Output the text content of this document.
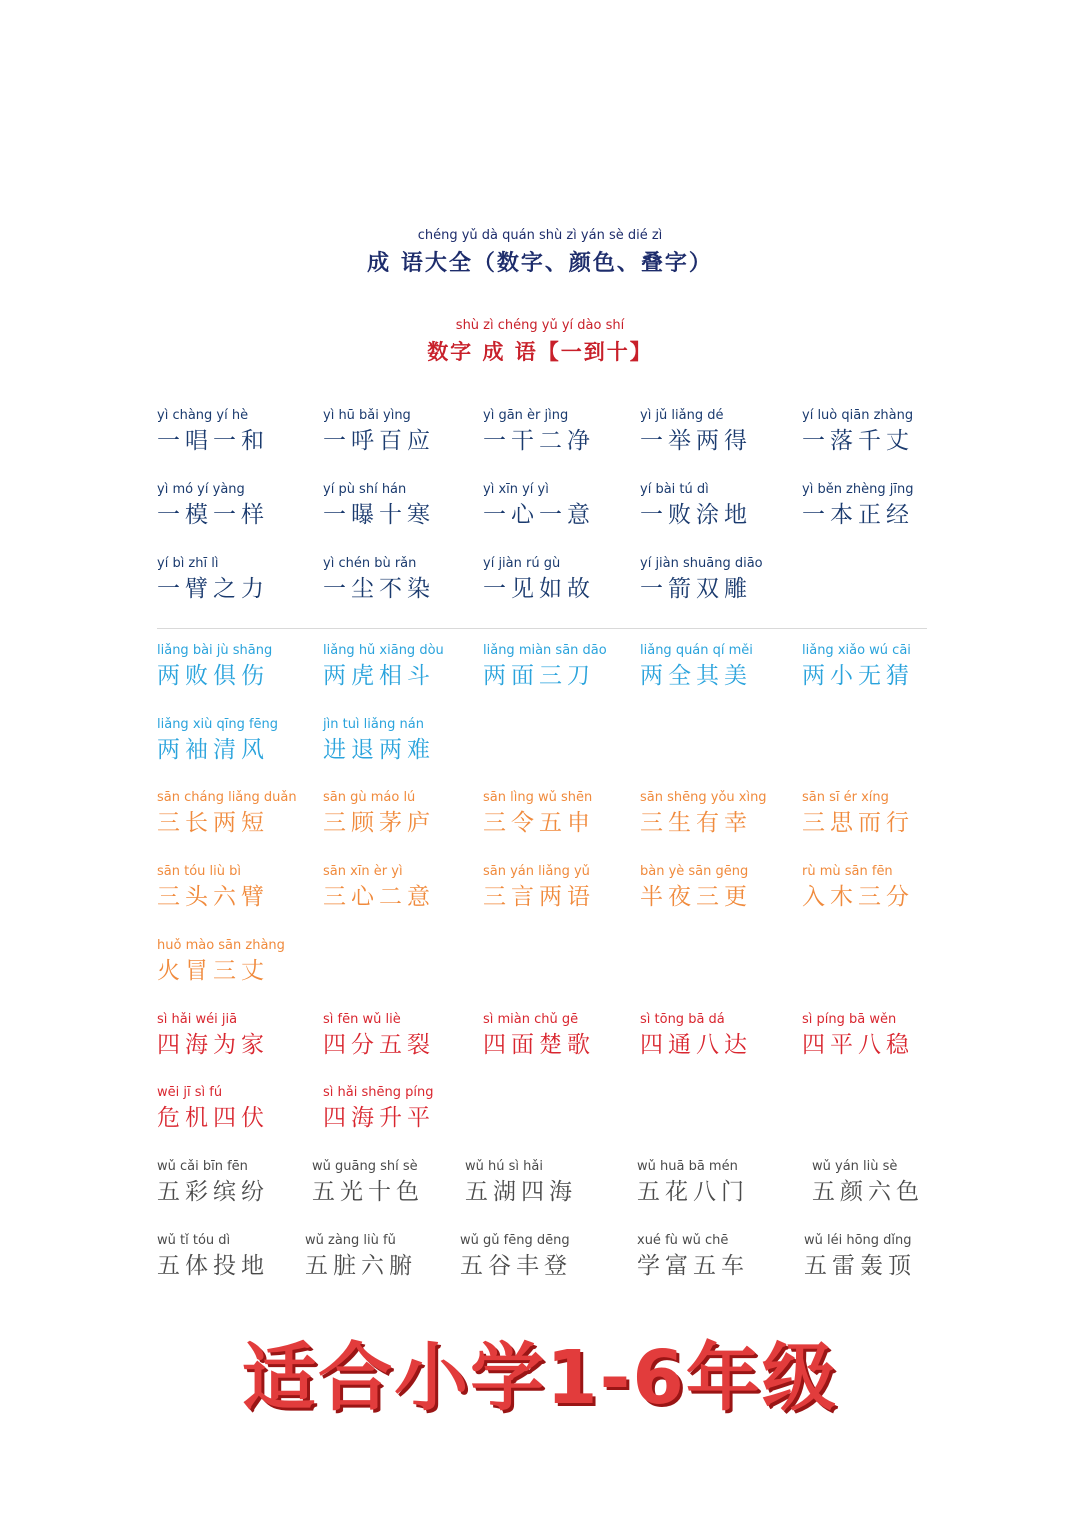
chéng yǔ dà quán shù zì yán sè dié zì
成 语大全（数字、颜色、叠字）
shù zì chéng yǔ yí dào shí
数字 成 语【一到十】
yì chàng yí hè
一唱一和
yì hū bǎi yìng
一呼百应
yì gān èr jìng
一干二净
yì jǔ liǎng dé
一举两得
yí luò qiān zhàng
一落千丈
yì mó yí yàng
一模一样
yí pù shí hán
一曝十寒
yì xīn yí yì
一心一意
yí bài tú dì
一败涂地
yì běn zhèng jīng
一本正经
yí bì zhī lì
一臂之力
yì chén bù rǎn
一尘不染
yí jiàn rú gù
一见如故
yí jiàn shuāng diāo
一箭双雕
liǎng bài jù shāng
两败俱伤
liǎng hǔ xiāng dòu
两虎相斗
liǎng miàn sān dāo
两面三刀
liǎng quán qí měi
两全其美
liǎng xiǎo wú cāi
两小无猜
liǎng xiù qīng fēng
两袖清风
jìn tuì liǎng nán
进退两难
sān cháng liǎng duǎn
三长两短
sān gù máo lú
三顾茅庐
sān lìng wǔ shēn
三令五申
sān shēng yǒu xìng
三生有幸
sān sī ér xíng
三思而行
sān tóu liù bì
三头六臂
sān xīn èr yì
三心二意
sān yán liǎng yǔ
三言两语
bàn yè sān gēng
半夜三更
rù mù sān fēn
入木三分
huǒ mào sān zhàng
火冒三丈
sì hǎi wéi jiā
四海为家
sì fēn wǔ liè
四分五裂
sì miàn chǔ gē
四面楚歌
sì tōng bā dá
四通八达
sì píng bā wěn
四平八稳
wēi jī sì fú
危机四伏
sì hǎi shēng píng
四海升平
wǔ cǎi bīn fēn
五彩缤纷
wǔ guāng shí sè
五光十色
wǔ hú sì hǎi
五湖四海
wǔ huā bā mén
五花八门
wǔ yán liù sè
五颜六色
wǔ tǐ tóu dì
五体投地
wǔ zàng liù fǔ
五脏六腑
wǔ gǔ fēng dēng
五谷丰登
xué fù wǔ chē
学富五车
wǔ léi hōng dǐng
五雷轰顶
适合小学1-6年级
